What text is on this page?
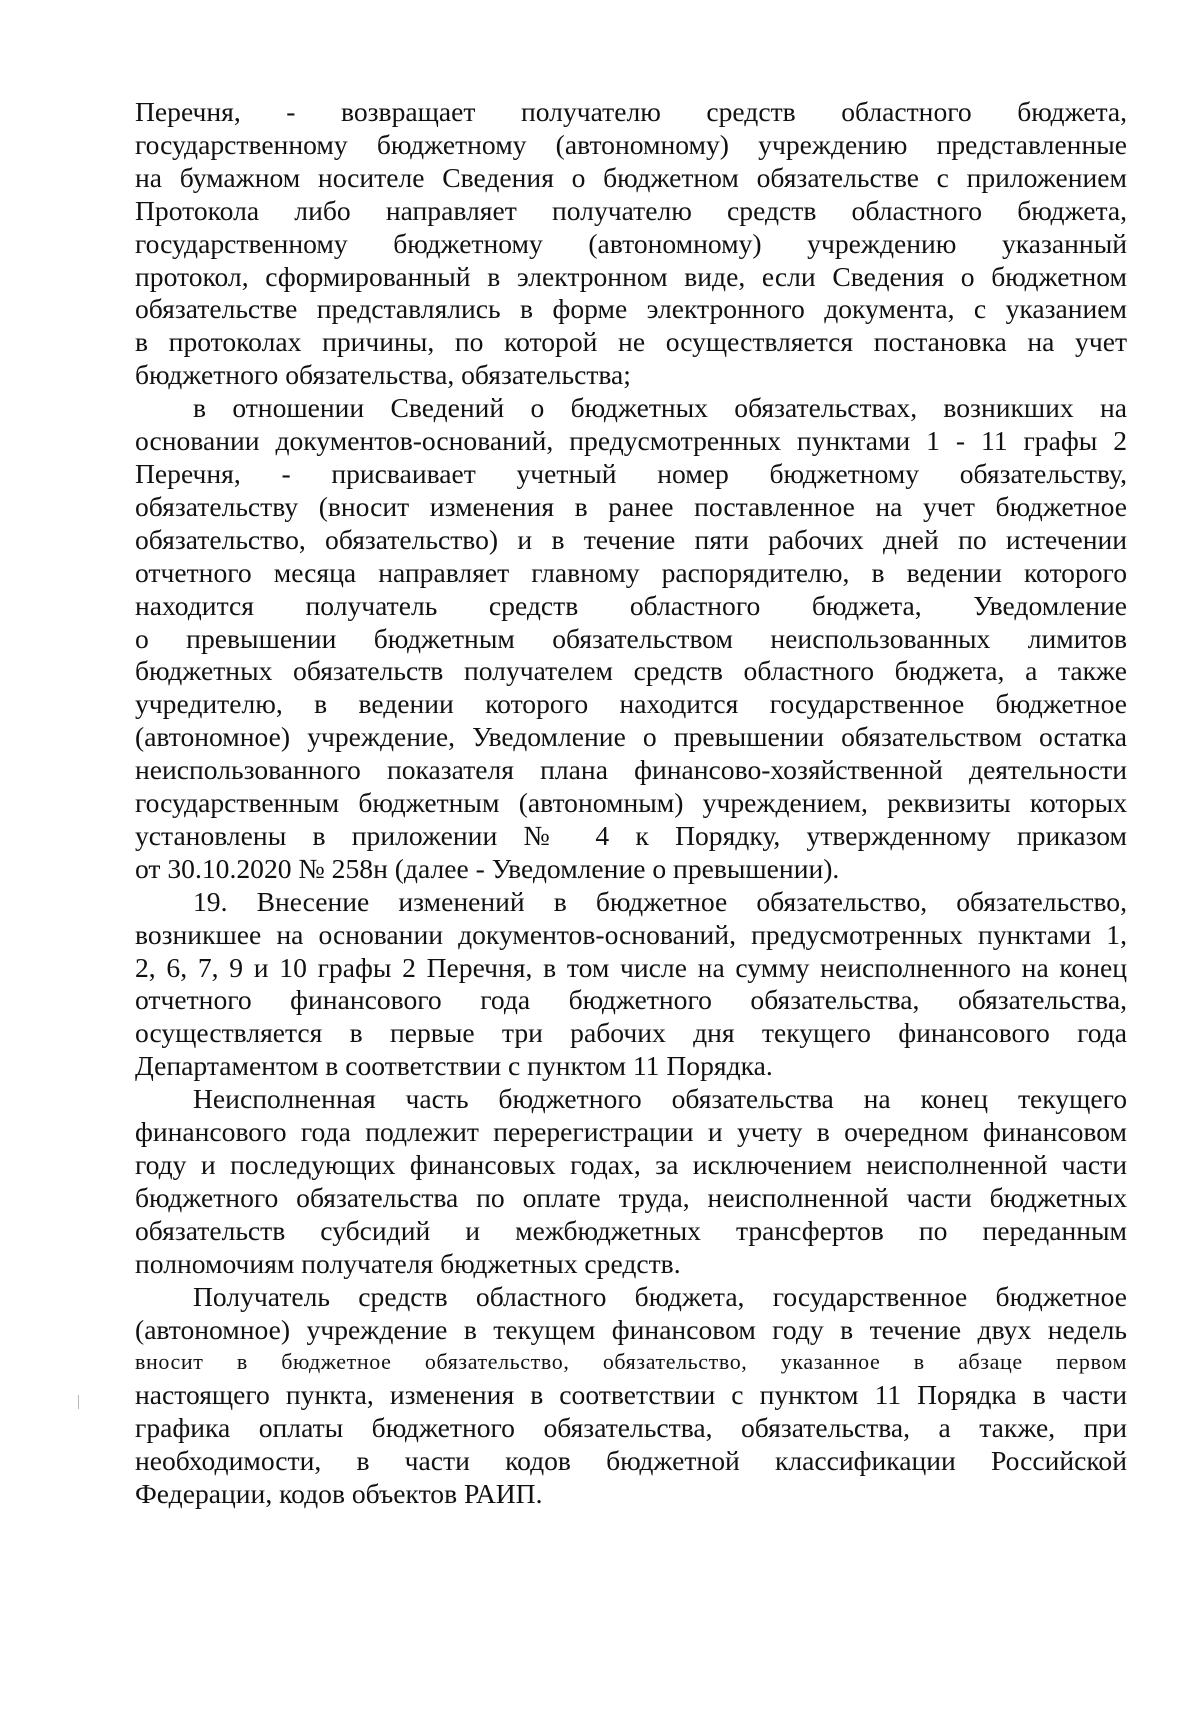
Перечня, - возвращает получателю средств областного бюджета,
государственному бюджетному (автономному) учреждению представленные
на бумажном носителе Сведения о бюджетном обязательстве с приложением
Протокола либо направляет получателю средств областного бюджета,
государственному бюджетному (автономному) учреждению указанный
протокол, сформированный в электронном виде, если Сведения о бюджетном
обязательстве представлялись в форме электронного документа, с указанием
в протоколах причины, по которой не осуществляется постановка на учет
бюджетного обязательства, обязательства;

в отношении Сведений о бюджетных обязательствах, возникших на
основании документов-оснований, предусмотренных пунктами 1 - 11 графы 2
Перечня, - присваивает учетный номер бюджетному обязательству,
обязательству (вносит изменения в ранее поставленное на учет бюджетное
обязательство, обязательство) и в течение пяти рабочих дней по истечении
отчетного месяца направляет главному распорядителю, в ведении которого
находится получатель средств областного бюджета, Уведомление
о превышении бюджетным обязательством неиспользованных лимитов
бюджетных обязательств получателем средств областного бюджета, а также
учредителю, в ведении которого находится государственное бюджетное
(автономное) учреждение, Уведомление о превышении обязательством остатка
неиспользованного показателя плана финансово-хозяйственной деятельности
государственным бюджетным (автономным) учреждением, реквизиты которых
установлены в приложении № 4 к Порядку, утвержденному приказом
от 30.10.2020 № 258н (далее - Уведомление о превышении).

19. Внесение изменений в бюджетное обязательство, обязательство,
возникшее на основании документов-оснований, предусмотренных пунктами 1,
2, 6, 7, 9 и 10 графы 2 Перечня, в том числе на сумму неисполненного на конец
отчетного финансового года бюджетного обязательства, обязательства,
осуществляется в первые три рабочих дня текущего финансового года
Департаментом в соответствии с пунктом 11 Порядка.

Неисполненная часть бюджетного обязательства на конец текущего
финансового года подлежит перерегистрации и учету в очередном финансовом
году и последующих финансовых годах, за исключением неисполненной части
бюджетного обязательства по оплате труда, неисполненной части бюджетных
обязательств субсидий и межбюджетных трансфертов по переданным
полномочиям получателя бюджетных средств.

Получатель средств областного бюджета, государственное бюджетное
(автономное) учреждение в текущем финансовом году в течение двух недель
вносит в бюджетное обязательство, обязательство, указанное в абзаце первом
настоящего пункта, изменения в соответствии с пунктом 11 Порядка в части
графика оплаты бюджетного обязательства, обязательства, а также, при
необходимости, в части кодов бюджетной классификации Российской
Федерации, кодов объектов РАИП.
